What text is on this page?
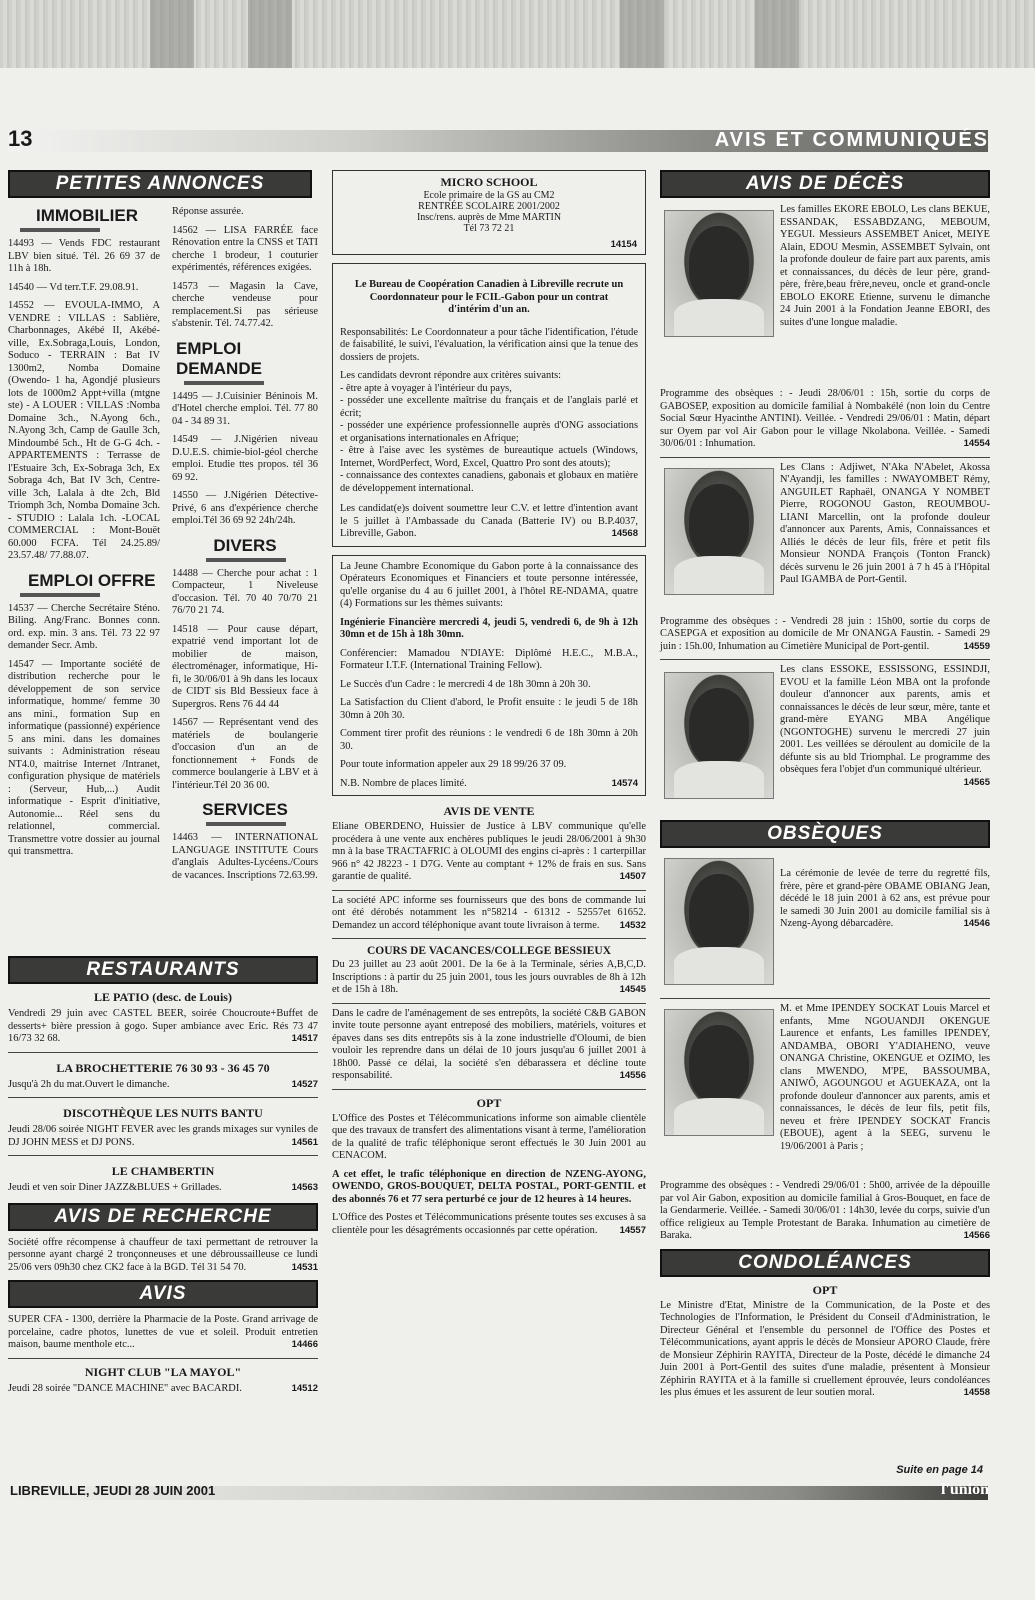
13	AVIS ET COMMUNIQUÉS
PETITES ANNONCES
IMMOBILIER

14493 — Vends FDC restaurant LBV bien situé. Tél. 26 69 37 de 11h à 18h.

14540 — Vd terr.T.F. 29.08.91.

14552 — EVOULA-IMMO, A VENDRE : VILLAS : Sablière, Charbonnages, Akébé II, Akébé-ville, Ex.Sobraga,Louis, London, Soduco - TERRAIN : Bat IV 1300m2, Nomba Domaine (Owendo- 1 ha, Agondjé plusieurs lots de 1000m2 Appt+villa (mtgne ste) - A LOUER : VILLAS :Nomba Domaine 3ch., N.Ayong 6ch., N.Ayong 3ch, Camp de Gaulle 3ch, Mindoumbé 5ch., Ht de G-G 4ch. - APPARTEMENTS : Terrasse de l'Estuaire 3ch, Ex-Sobraga 3ch, Ex Sobraga 4ch, Bat IV 3ch, Centre-ville 3ch, Lalala à dte 2ch, Bld Triomph 3ch, Nomba Domaine 3ch. - STUDIO : Lalala 1ch. -LOCAL COMMERCIAL : Mont-Bouët 60.000 FCFA. Tél 24.25.89/ 23.57.48/ 77.88.07.

EMPLOI OFFRE

14537 — Cherche Secrétaire Sténo. Biling. Ang/Franc. Bonnes conn. ord. exp. min. 3 ans. Tél. 73 22 97 demander Secr. Amb.

14547 — Importante société de distribution recherche pour le développement de son service informatique, homme/ femme 30 ans mini., formation Sup en informatique (passionné) expérience 5 ans mini. dans les domaines suivants : Administration réseau NT4.0, maitrise Internet /Intranet, configuration physique de matériels : (Serveur, Hub,...) Audit informatique - Esprit d'initiative, Autonomie... Réel sens du relationnel, commercial. Transmettre votre dossier au journal qui transmettra.

Réponse assurée.

14562 — LISA FARRÉE face Rénovation entre la CNSS et TATI cherche 1 brodeur, 1 couturier expérimentés, références exigées.

14573 — Magasin la Cave, cherche vendeuse pour remplacement.Si pas sérieuse s'abstenir. Tél. 74.77.42.

EMPLOI DEMANDE

14495 — J.Cuisinier Béninois M. d'Hotel cherche emploi. Tél. 77 80 04 - 34 89 31.

14549 — J.Nigérien niveau D.U.E.S. chimie-biol-géol cherche emploi. Etudie ttes propos. tél 36 69 92.

14550 — J.Nigérien Détective-Privé, 6 ans d'expérience cherche emploi.Tél 36 69 92 24h/24h.

DIVERS

14488 — Cherche pour achat : 1 Compacteur, 1 Niveleuse d'occasion. Tél. 70 40 70/70 21 76/70 21 74.

14518 — Pour cause départ, expatrié vend important lot de mobilier de maison, électroménager, informatique, Hi-fi, le 30/06/01 à 9h dans les locaux de CIDT sis Bld Bessieux face à Supergros. Rens 76 44 44

14567 — Représentant vend des matériels de boulangerie d'occasion d'un an de fonctionnement + Fonds de commerce boulangerie à LBV et à l'intérieur.Tél 20 36 00.

SERVICES

14463 — INTERNATIONAL LANGUAGE INSTITUTE Cours d'anglais Adultes-Lycéens./Cours de vacances. Inscriptions 72.63.99.

RESTAURANTS
LE PATIO (desc. de Louis)

Vendredi 29 juin avec CASTEL BEER, soirée Choucroute+Buffet de desserts+ bière pression à gogo. Super ambiance avec Eric. Rés 73 47 16/73 32 68.	14517

LA BROCHETTERIE 76 30 93 - 36 45 70

Jusqu'à 2h du mat.Ouvert le dimanche.	14527

DISCOTHÈQUE LES NUITS BANTU

Jeudi 28/06 soirée NIGHT FEVER avec les grands mixages sur vyniles de DJ JOHN MESS et DJ PONS.	14561

LE CHAMBERTIN

Jeudi et ven soir Diner JAZZ&BLUES + Grillades.	14563

AVIS DE RECHERCHE

Société offre récompense à chauffeur de taxi permettant de retrouver la personne ayant chargé 2 tronçonneuses et une débroussailleuse ce lundi 25/06 vers 09h30 chez CK2 face à la BGD. Tél 31 54 70.	14531

AVIS

SUPER CFA - 1300, derrière la Pharmacie de la Poste. Grand arrivage de porcelaine, cadre photos, lunettes de vue et soleil. Produit entretien maison, baume menthole etc...	14466

NIGHT CLUB "LA MAYOL"

Jeudi 28 soirée "DANCE MACHINE" avec BACARDI.	14512

MICRO SCHOOL
Ecole primaire de la GS au CM2
RENTRÉE SCOLAIRE 2001/2002
Insc/rens. auprès de Mme MARTIN
Tél 73 72 21
14154
Le Bureau de Coopération Canadien à Libreville recrute un Coordonnateur pour le FCIL-Gabon pour un contrat d'intérim d'un an.

Responsabilités: Le Coordonnateur a pour tâche l'identification, l'étude de faisabilité, le suivi, l'évaluation, la vérification ainsi que la tenue des dossiers de projets.

Les candidats devront répondre aux critères suivants:

- être apte à voyager à l'intérieur du pays,

- posséder une excellente maîtrise du français et de l'anglais parlé et écrit;

- posséder une expérience professionnelle auprès d'ONG associations et organisations internationales en Afrique;

- être à l'aise avec les systèmes de bureautique actuels (Windows, Internet, WordPerfect, Word, Excel, Quattro Pro sont des atouts);

- connaissance des contextes canadiens, gabonais et globaux en matière de développement international.

Les candidat(e)s doivent soumettre leur C.V. et lettre d'intention avant le 5 juillet à l'Ambassade du Canada (Batterie IV) ou B.P.4037, Libreville, Gabon.	14568

La Jeune Chambre Economique du Gabon porte à la connaissance des Opérateurs Economiques et Financiers et toute personne intéressée, qu'elle organise du 4 au 6 juillet 2001, à l'hôtel RE-NDAMA, quatre (4) Formations sur les thèmes suivants:

Ingénierie Financière mercredi 4, jeudi 5, vendredi 6, de 9h à 12h 30mn et de 15h à 18h 30mn.

Conférencier: Mamadou N'DIAYE: Diplômé H.E.C., M.B.A., Formateur I.T.F. (International Training Fellow).

Le Succès d'un Cadre : le mercredi 4 de 18h 30mn à 20h 30.

La Satisfaction du Client d'abord, le Profit ensuite : le jeudi 5 de 18h 30mn à 20h 30.

Comment tirer profit des réunions : le vendredi 6 de 18h 30mn à 20h 30.

Pour toute information appeler aux 29 18 99/26 37 09.

N.B. Nombre de places limité.	14574

AVIS DE VENTE

Eliane OBERDENO, Huissier de Justice à LBV communique qu'elle procédera à une vente aux enchères publiques le jeudi 28/06/2001 à 9h30 mn à la base TRACTAFRIC à OLOUMI des engins ci-après : 1 carterpillar 966 n° 42 J8223 - 1 D7G. Vente au comptant + 12% de frais en sus. Sans garantie de qualité.	14507

La société APC informe ses fournisseurs que des bons de commande lui ont été dérobés notamment les n°58214 - 61312 - 52557et 61652. Demandez un accord téléphonique avant toute livraison à terme. 14532

COURS DE VACANCES/COLLEGE BESSIEUX

Du 23 juillet au 23 août 2001. De la 6e à la Terminale, séries A,B,C,D. Inscriptions : à partir du 25 juin 2001, tous les jours ouvrables de 8h à 12h et de 15h à 18h.	14545

Dans le cadre de l'aménagement de ses entrepôts, la société C&B GABON invite toute personne ayant entreposé des mobiliers, matériels, voitures et épaves dans ses dits entrepôts sis à la zone industrielle d'Oloumi, de bien vouloir les reprendre dans un délai de 10 jours jusqu'au 6 juillet 2001 à 18h00. Passé ce délai, la société s'en débarassera et décline toute responsabilité.	14556

OPT

L'Office des Postes et Télécommunications informe son aimable clientèle que des travaux de transfert des alimentations visant à terme, l'amélioration de la qualité de trafic téléphonique seront effectués le 30 Juin 2001 au CENACOM.

A cet effet, le trafic téléphonique en direction de NZENG-AYONG, OWENDO, GROS-BOUQUET, DELTA POSTAL, PORT-GENTIL et des abonnés 76 et 77 sera perturbé ce jour de 12 heures à 14 heures.

L'Office des Postes et Télécommunications présente toutes ses excuses à sa clientèle pour les désagréments occasionnés par cette opération. 14557

AVIS DE DÉCÈS

Les familles EKORE EBOLO, Les clans BEKUE, ESSANDAK, ESSABDZANG, MEBOUM, YEGUI. Messieurs ASSEMBET Anicet, MEIYE Alain, EDOU Mesmin, ASSEMBET Sylvain, ont la profonde douleur de faire part aux parents, amis et connaissances, du décès de leur père, grand-père, frère,beau frère,neveu, oncle et grand-oncle EBOLO EKORE Etienne, survenu le dimanche 24 Juin 2001 à la Fondation Jeanne EBORI, des suites d'une longue maladie.

Programme des obsèques : - Jeudi 28/06/01 : 15h, sortie du corps de GABOSEP, exposition au domicile familial à Nombakélé (non loin du Centre Social Sœur Hyacinthe ANTINI). Veillée. - Vendredi 29/06/01 : Matin, départ sur Oyem par vol Air Gabon pour le village Nkolabona. Veillée. - Samedi 30/06/01 : Inhumation.	14554

Les Clans : Adjiwet, N'Aka N'Abelet, Akossa N'Ayandji, les familles : NWAYOMBET Rémy, ANGUILET Raphaël, ONANGA Y NOMBET Pierre, ROGONOU Gaston, REOUMBOU-LIANI Marcellin, ont la profonde douleur d'annoncer aux Parents, Amis, Connaissances et Alliés le décès de leur fils, frère et petit fils Monsieur NONDA François (Tonton Franck) décès survenu le 26 juin 2001 à 7 h 45 à l'Hôpital Paul IGAMBA de Port-Gentil.

Programme des obsèques : - Vendredi 28 juin : 15h00, sortie du corps de CASEPGA et exposition au domicile de Mr ONANGA Faustin. - Samedi 29 juin : 15h.00, Inhumation au Cimetière Municipal de Port-gentil.	14559

Les clans ESSOKE, ESSISSONG, ESSINDJI, EVOU et la famille Léon MBA ont la profonde douleur d'annoncer aux parents, amis et connaissances le décès de leur sœur, mère, tante et grand-mère EYANG MBA Angélique (NGONTOGHE) survenu le mercredi 27 juin 2001. Les veillées se déroulent au domicile de la défunte sis au bld Triomphal. Le programme des obsèques fera l'objet d'un communiqué ultérieur.
14565

OBSÈQUES

La cérémonie de levée de terre du regretté fils, frère, père et grand-père OBAME OBIANG Jean, décédé le 18 juin 2001 à 62 ans, est prévue pour le samedi 30 Juin 2001 au domicile familial sis à Nzeng-Ayong débarcadère.	14546

M. et Mme IPENDEY SOCKAT Louis Marcel et enfants, Mme NGOUANDJI OKENGUE Laurence et enfants, Les familles IPENDEY, ANDAMBA, OBORI Y'ADIAHENO, veuve ONANGA Christine, OKENGUE et OZIMO, les clans MWENDO, M'PE, BASSOUMBA, ANIWÔ, AGOUNGOU et AGUEKAZA, ont la profonde douleur d'annoncer aux parents, amis et connaissances, le décès de leur fils, petit fils, neveu et frère IPENDEY SOCKAT Francis (EBOUE), agent à la SEEG, survenu le 19/06/2001 à Paris ;

Programme des obsèques : - Vendredi 29/06/01 : 5h00, arrivée de la dépouille par vol Air Gabon, exposition au domicile familial à Gros-Bouquet, en face de la Gendarmerie. Veillée. - Samedi 30/06/01 : 14h30, levée du corps, suivie d'un office religieux au Temple Protestant de Baraka. Inhumation au cimetière de Baraka.	14566

CONDOLÉANCES
OPT

Le Ministre d'Etat, Ministre de la Communication, de la Poste et des Technologies de l'Information, le Président du Conseil d'Administration, le Directeur Général et l'ensemble du personnel de l'Office des Postes et Télécommunications, ayant appris le décès de Monsieur APORO Claude, frère de Monsieur Zéphirin RAYITA, Directeur de la Poste, décédé le dimanche 24 Juin 2001 à Port-Gentil des suites d'une maladie, présentent à Monsieur Zéphirin RAYITA et à la famille si cruellement éprouvée, leurs condoléances les plus émues et les assurent de leur soutien moral.	14558

Suite en page 14
LIBREVILLE, JEUDI 28 JUIN 2001	l'union
